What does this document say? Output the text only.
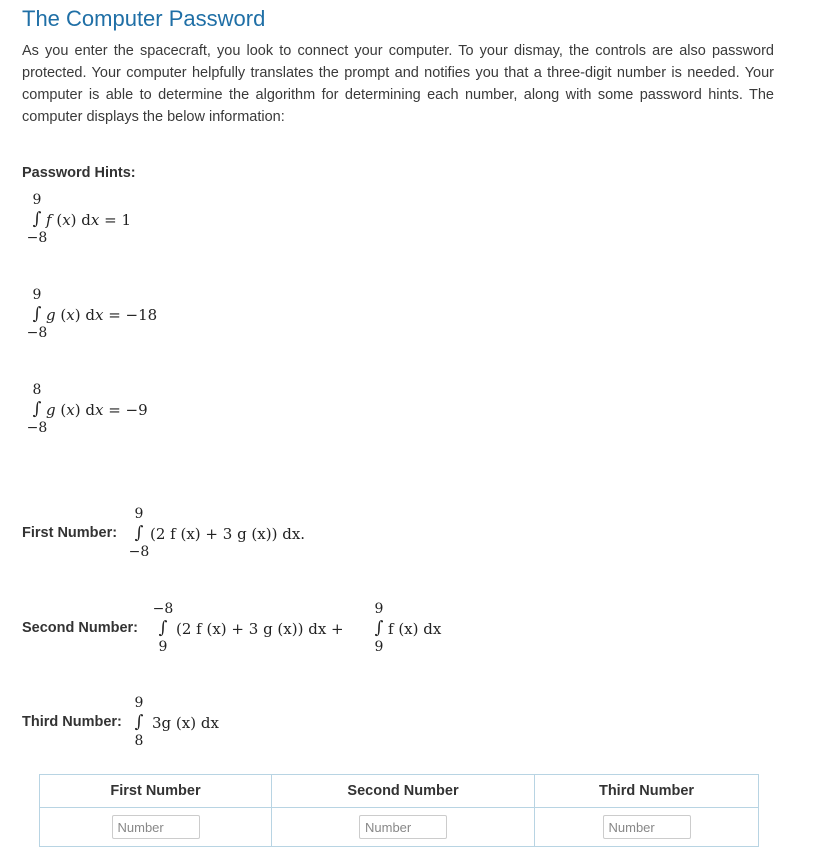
The Computer Password
As you enter the spacecraft, you look to connect your computer. To your dismay, the controls are also password protected. Your computer helpfully translates the prompt and notifies you that a three-digit number is needed. Your computer is able to determine the algorithm for determining each number, along with some password hints. The computer displays the below information:
Password Hints:
9
∫
−8
f (x) dx = 1
9
∫
−8
g (x) dx = −18
8
∫
−8
g (x) dx = −9
First Number:
9
∫
−8
(2 f (x) + 3 g (x)) dx.
Second Number:
−8
∫
9
(2 f (x) + 3 g (x)) dx +
9
∫
9
f (x) dx
Third Number:
9
∫
8
3g (x) dx
First Number	Second Number	Third Number
Number	Number	Number
